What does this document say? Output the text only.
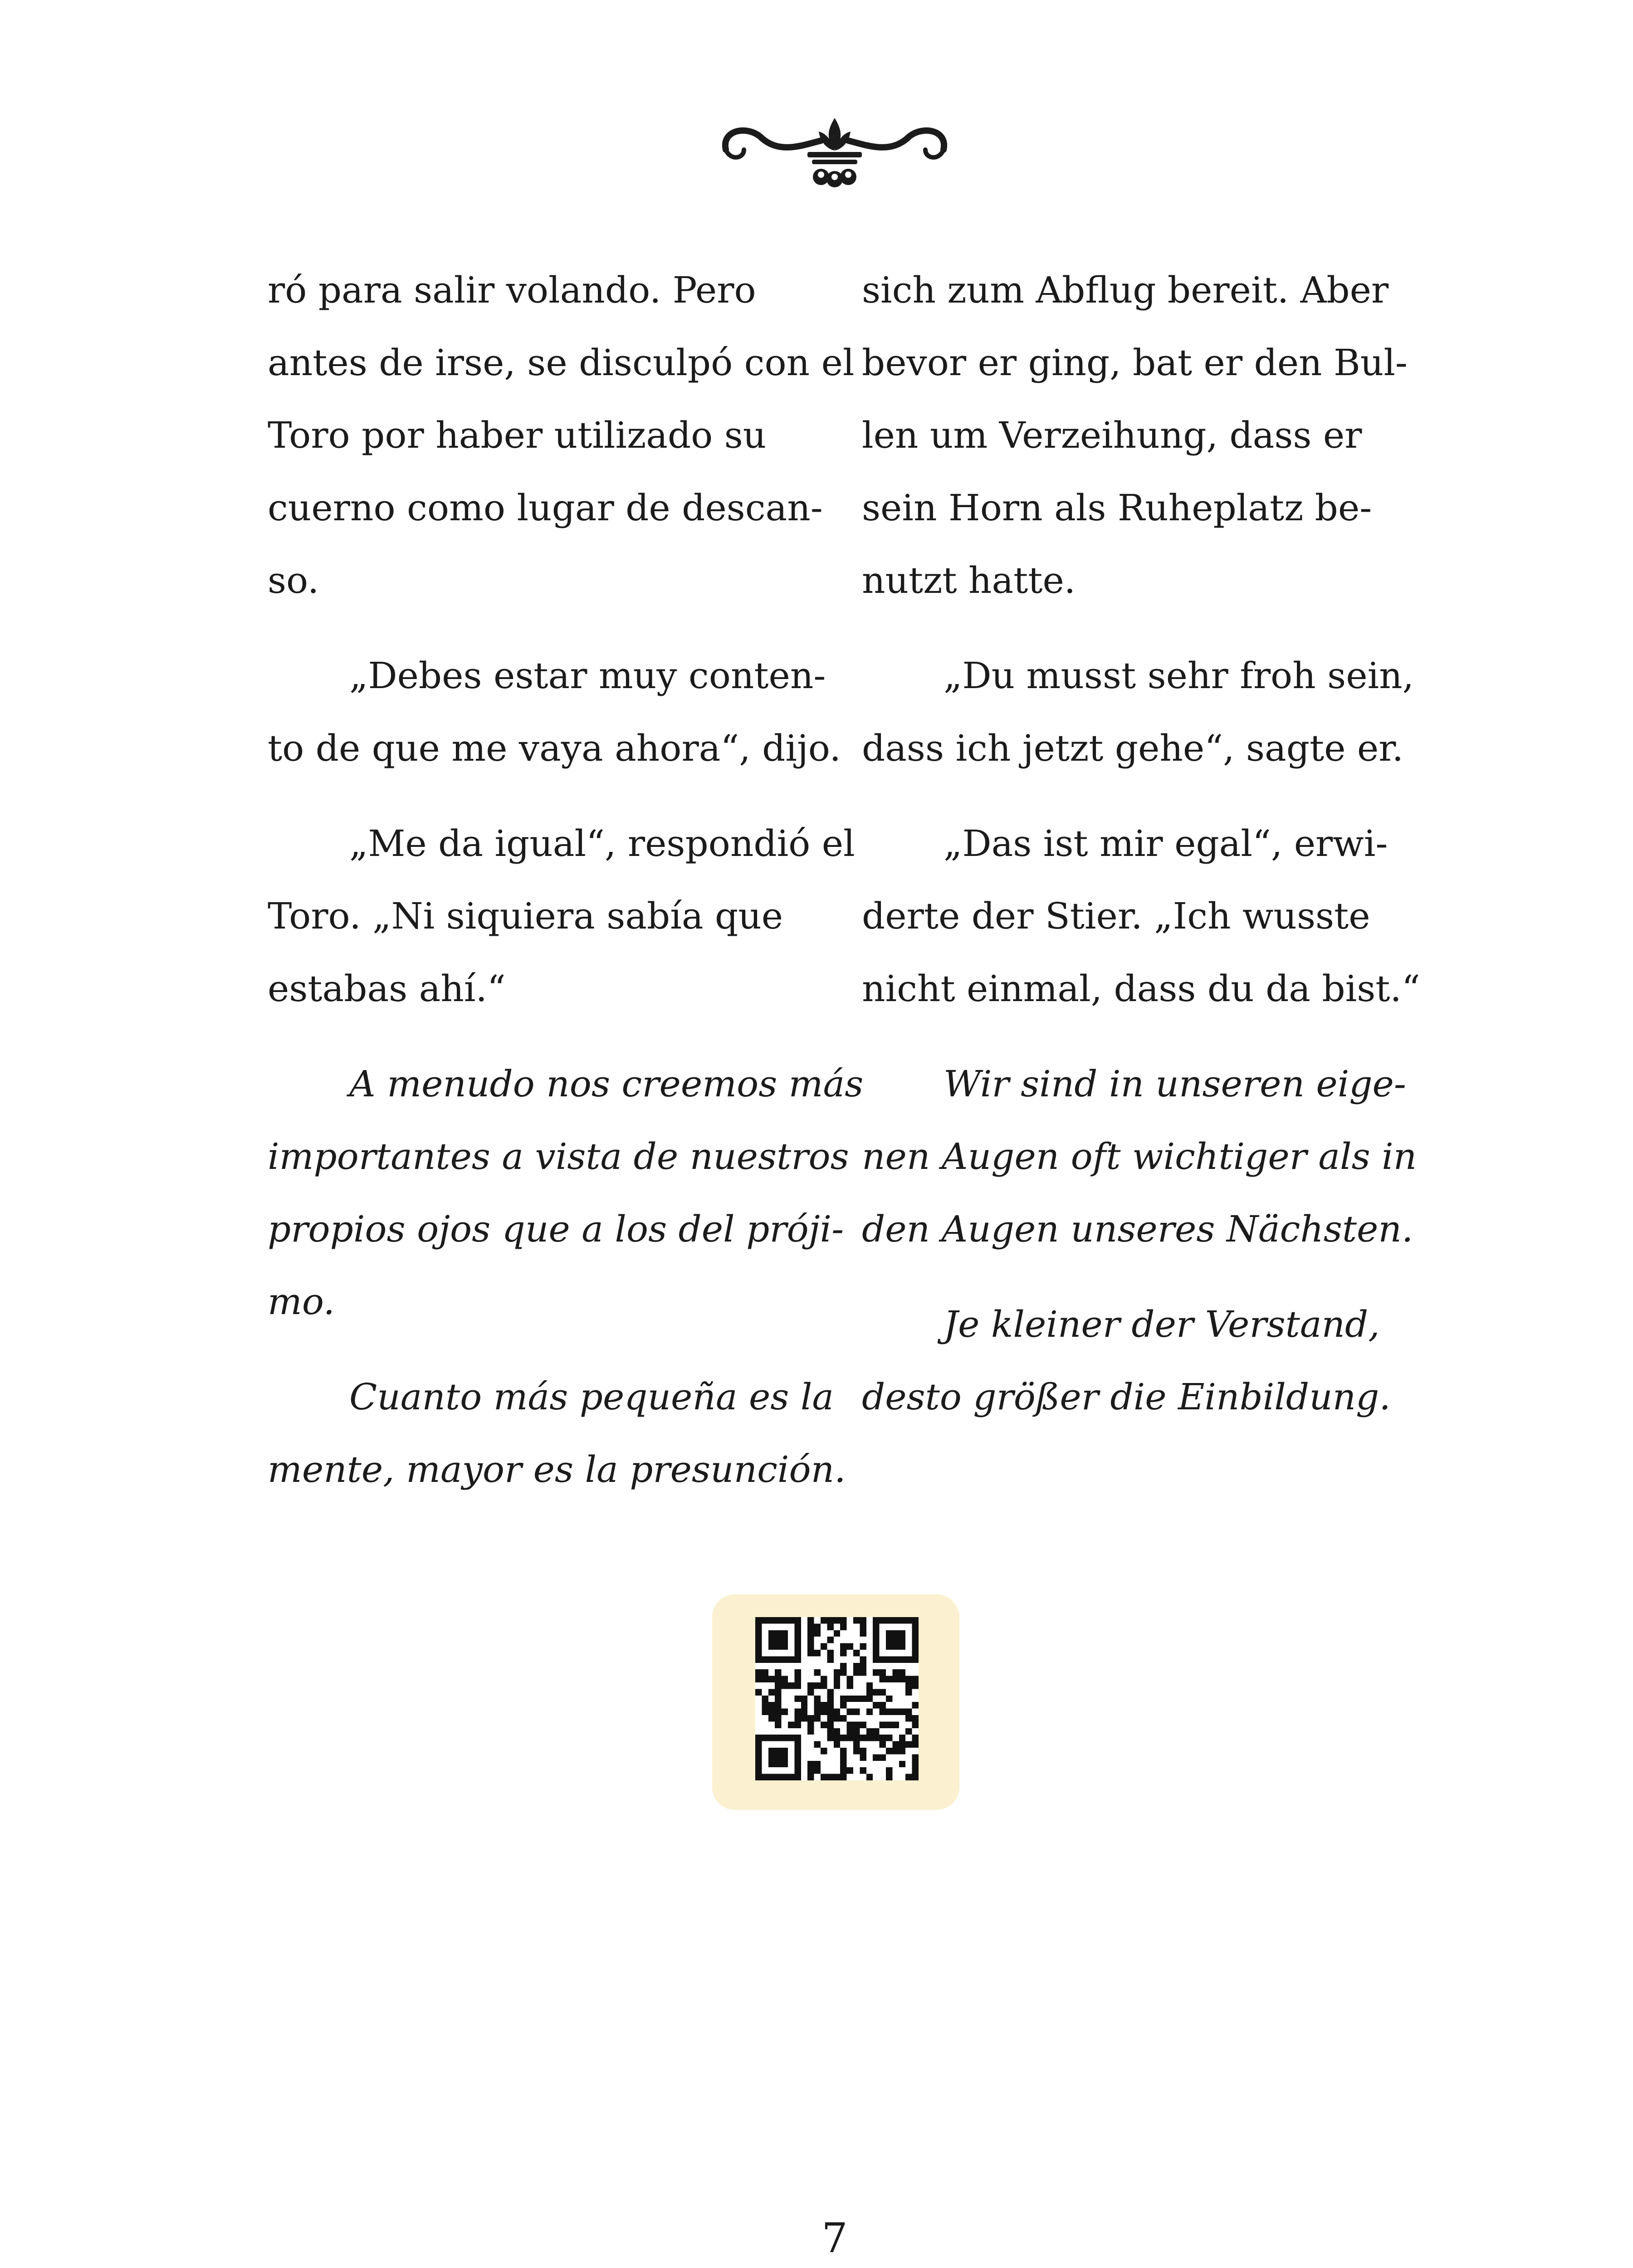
ró para salir volando. Pero
antes de irse, se disculpó con el
Toro por haber utilizado su
cuerno como lugar de descan-
so.

„Debes estar muy conten-
to de que me vaya ahora“, dijo.

„Me da igual“, respondió el
Toro. „Ni siquiera sabía que
estabas ahí.“

A menudo nos creemos más
importantes a vista de nuestros
propios ojos que a los del próji-
mo.

Cuanto más pequeña es la
mente, mayor es la presunción.

sich zum Abflug bereit. Aber
bevor er ging, bat er den Bul-
len um Verzeihung, dass er
sein Horn als Ruheplatz be-
nutzt hatte.

„Du musst sehr froh sein,
dass ich jetzt gehe“, sagte er.

„Das ist mir egal“, erwi-
derte der Stier. „Ich wusste
nicht einmal, dass du da bist.“

Wir sind in unseren eige-
nen Augen oft wichtiger als in
den Augen unseres Nächsten.

Je kleiner der Verstand,
desto größer die Einbildung.

7
